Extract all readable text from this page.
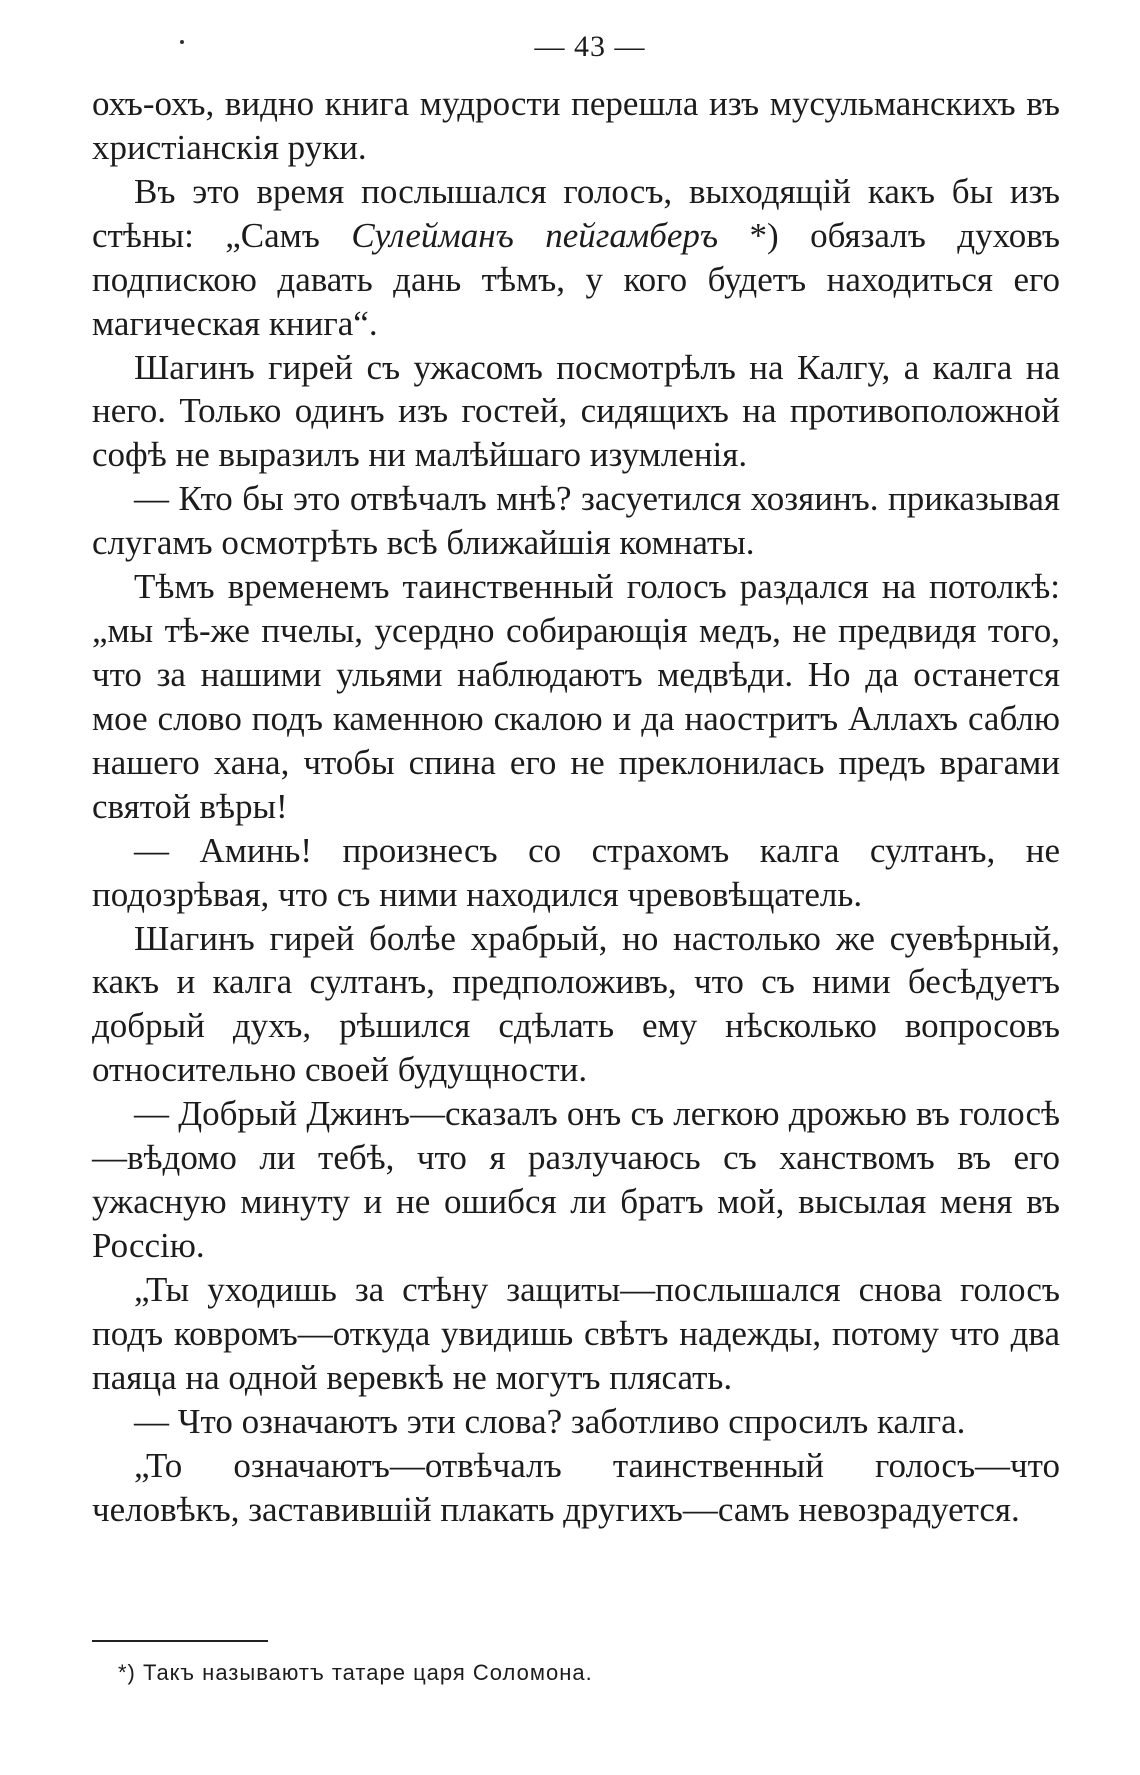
— 43 —

охъ-охъ, видно книга мудрости перешла изъ мусульманскихъ въ христіанскія руки.

Въ это время послышался голосъ, выходящій какъ бы изъ стѣны: „Самъ Сулейманъ пейгамберъ *) обязалъ духовъ подпискою давать дань тѣмъ, у кого будетъ находиться его магическая книга“.

Шагинъ гирей съ ужасомъ посмотрѣлъ на Калгу, а калга на него. Только одинъ изъ гостей, сидящихъ на противоположной софѣ не выразилъ ни малѣйшаго изумленія.

— Кто бы это отвѣчалъ мнѣ? засуетился хозяинъ. приказывая слугамъ осмотрѣть всѣ ближайшія комнаты.

Тѣмъ временемъ таинственный голосъ раздался на потолкѣ: „мы тѣ-же пчелы, усердно собирающія медъ, не предвидя того, что за нашими ульями наблюдаютъ медвѣди. Но да останется мое слово подъ каменною скалою и да наостритъ Аллахъ саблю нашего хана, чтобы спина его не преклонилась предъ врагами святой вѣры!

— Аминь! произнесъ со страхомъ калга султанъ, не подозрѣвая, что съ ними находился чревовѣщатель.

Шагинъ гирей болѣе храбрый, но настолько же суевѣрный, какъ и калга султанъ, предположивъ, что съ ними бесѣдуетъ добрый духъ, рѣшился сдѣлать ему нѣсколько вопросовъ относительно своей будущности.

— Добрый Джинъ—сказалъ онъ съ легкою дрожью въ голосѣ—вѣдомо ли тебѣ, что я разлучаюсь съ ханствомъ въ его ужасную минуту и не ошибся ли братъ мой, высылая меня въ Россію.

„Ты уходишь за стѣну защиты—послышался снова голосъ подъ ковромъ—откуда увидишь свѣтъ надежды, потому что два паяца на одной веревкѣ не могутъ плясать.

— Что означаютъ эти слова? заботливо спросилъ калга.

„То означаютъ—отвѣчалъ таинственный голосъ—что человѣкъ, заставившій плакать другихъ—самъ невозрадуется.

*) Такъ называютъ татаре царя Соломона.
